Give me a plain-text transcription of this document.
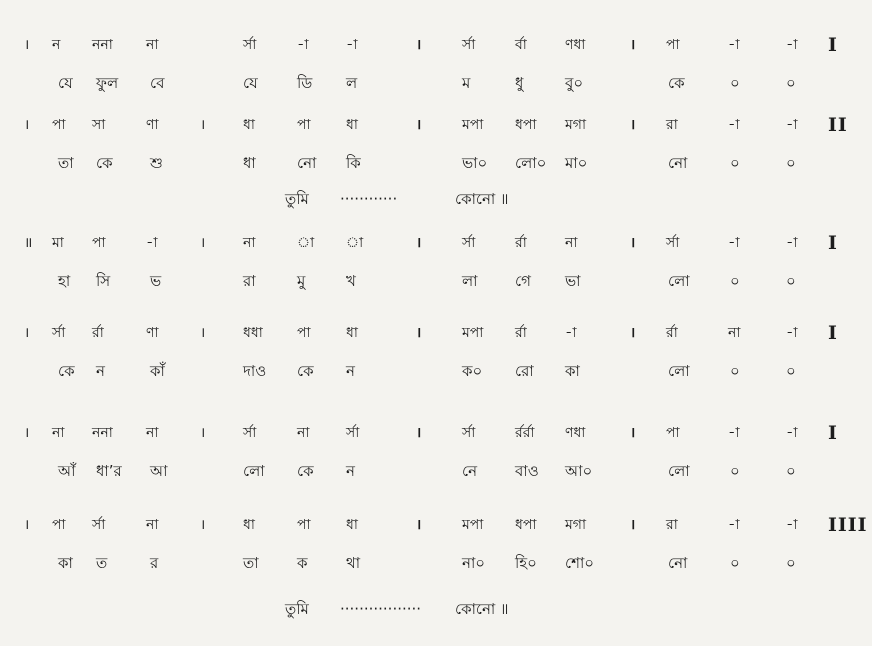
। ন ননা না	র্সা	-া	-া	।	র্সা	র্বা	ণধা	। পা	-া	-া I
যে ফুল বে	যে	ডি ল	ম	ধু	বু০	কে	০	০
। পা সা	ণা	।	ধা	পা	ধা	।	মপা ধপা মগা	। রা	-া	-া II
তা কে শু	ধা	নো কি	ভা০ লো০ মা০	নো	০	০
॥ মা পা	-া	।	না	া া	।	র্সা	র্রা	না	। র্সা	-া	-া I
হা সি	ভ	রা	মু	খ	লা গে ভা	লো	০	০
। র্সা র্রা	ণা	।	ধধা পা	ধা	।	মপা র্রা	-া	। র্রা	না	-া I
কে ন	কাঁ	দাও কে ন	ক০ রো কা	লো	০	০
। না ননা না	।	র্সা	না	র্সা	।	র্সা	র্রর্রা ণধা	। পা	-া	-া I
আঁ ধা’র আ	লো কে ন	নে	বাও আ০	লো	০	০
। পা র্সা	না	।	ধা	পা	ধা	।	মপা ধপা মগা	। রা	-া	-া IIII
কা ত	র	তা	ক	থা	না০ হি০ শো০	নো	০	০
তুমি ············	কোনো ॥
তুমি ················· কোনো ॥
